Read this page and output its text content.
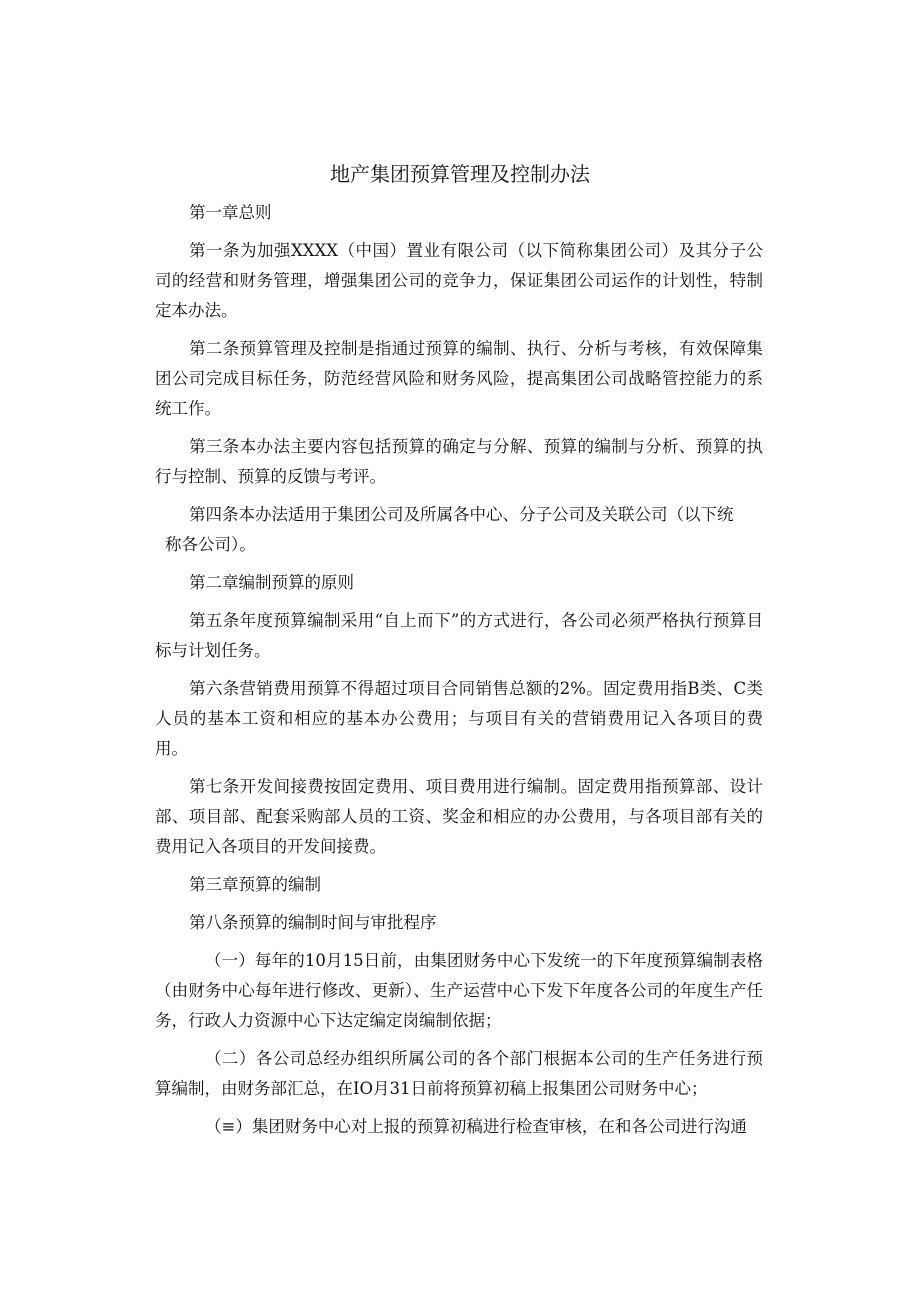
地产集团预算管理及控制办法

第一章总则

第一条为加强XXXX（中国）置业有限公司（以下简称集团公司）及其分子公司的经营和财务管理，增强集团公司的竞争力，保证集团公司运作的计划性，特制定本办法。

第二条预算管理及控制是指通过预算的编制、执行、分析与考核，有效保障集团公司完成目标任务，防范经营风险和财务风险，提高集团公司战略管控能力的系统工作。

第三条本办法主要内容包括预算的确定与分解、预算的编制与分析、预算的执行与控制、预算的反馈与考评。

第四条本办法适用于集团公司及所属各中心、分子公司及关联公司（以下统
称各公司）。

第二章编制预算的原则

第五条年度预算编制采用“自上而下”的方式进行，各公司必须严格执行预算目标与计划任务。

第六条营销费用预算不得超过项目合同销售总额的2%。固定费用指B类、C类人员的基本工资和相应的基本办公费用；与项目有关的营销费用记入各项目的费用。

第七条开发间接费按固定费用、项目费用进行编制。固定费用指预算部、设计部、项目部、配套采购部人员的工资、奖金和相应的办公费用，与各项目部有关的费用记入各项目的开发间接费。

第三章预算的编制

第八条预算的编制时间与审批程序

（一）每年的10月15日前，由集团财务中心下发统一的下年度预算编制表格（由财务中心每年进行修改、更新）、生产运营中心下发下年度各公司的年度生产任务，行政人力资源中心下达定编定岗编制依据；

（二）各公司总经办组织所属公司的各个部门根据本公司的生产任务进行预算编制，由财务部汇总，在IO月31日前将预算初稿上报集团公司财务中心；

（≡）集团财务中心对上报的预算初稿进行检查审核，在和各公司进行沟通
